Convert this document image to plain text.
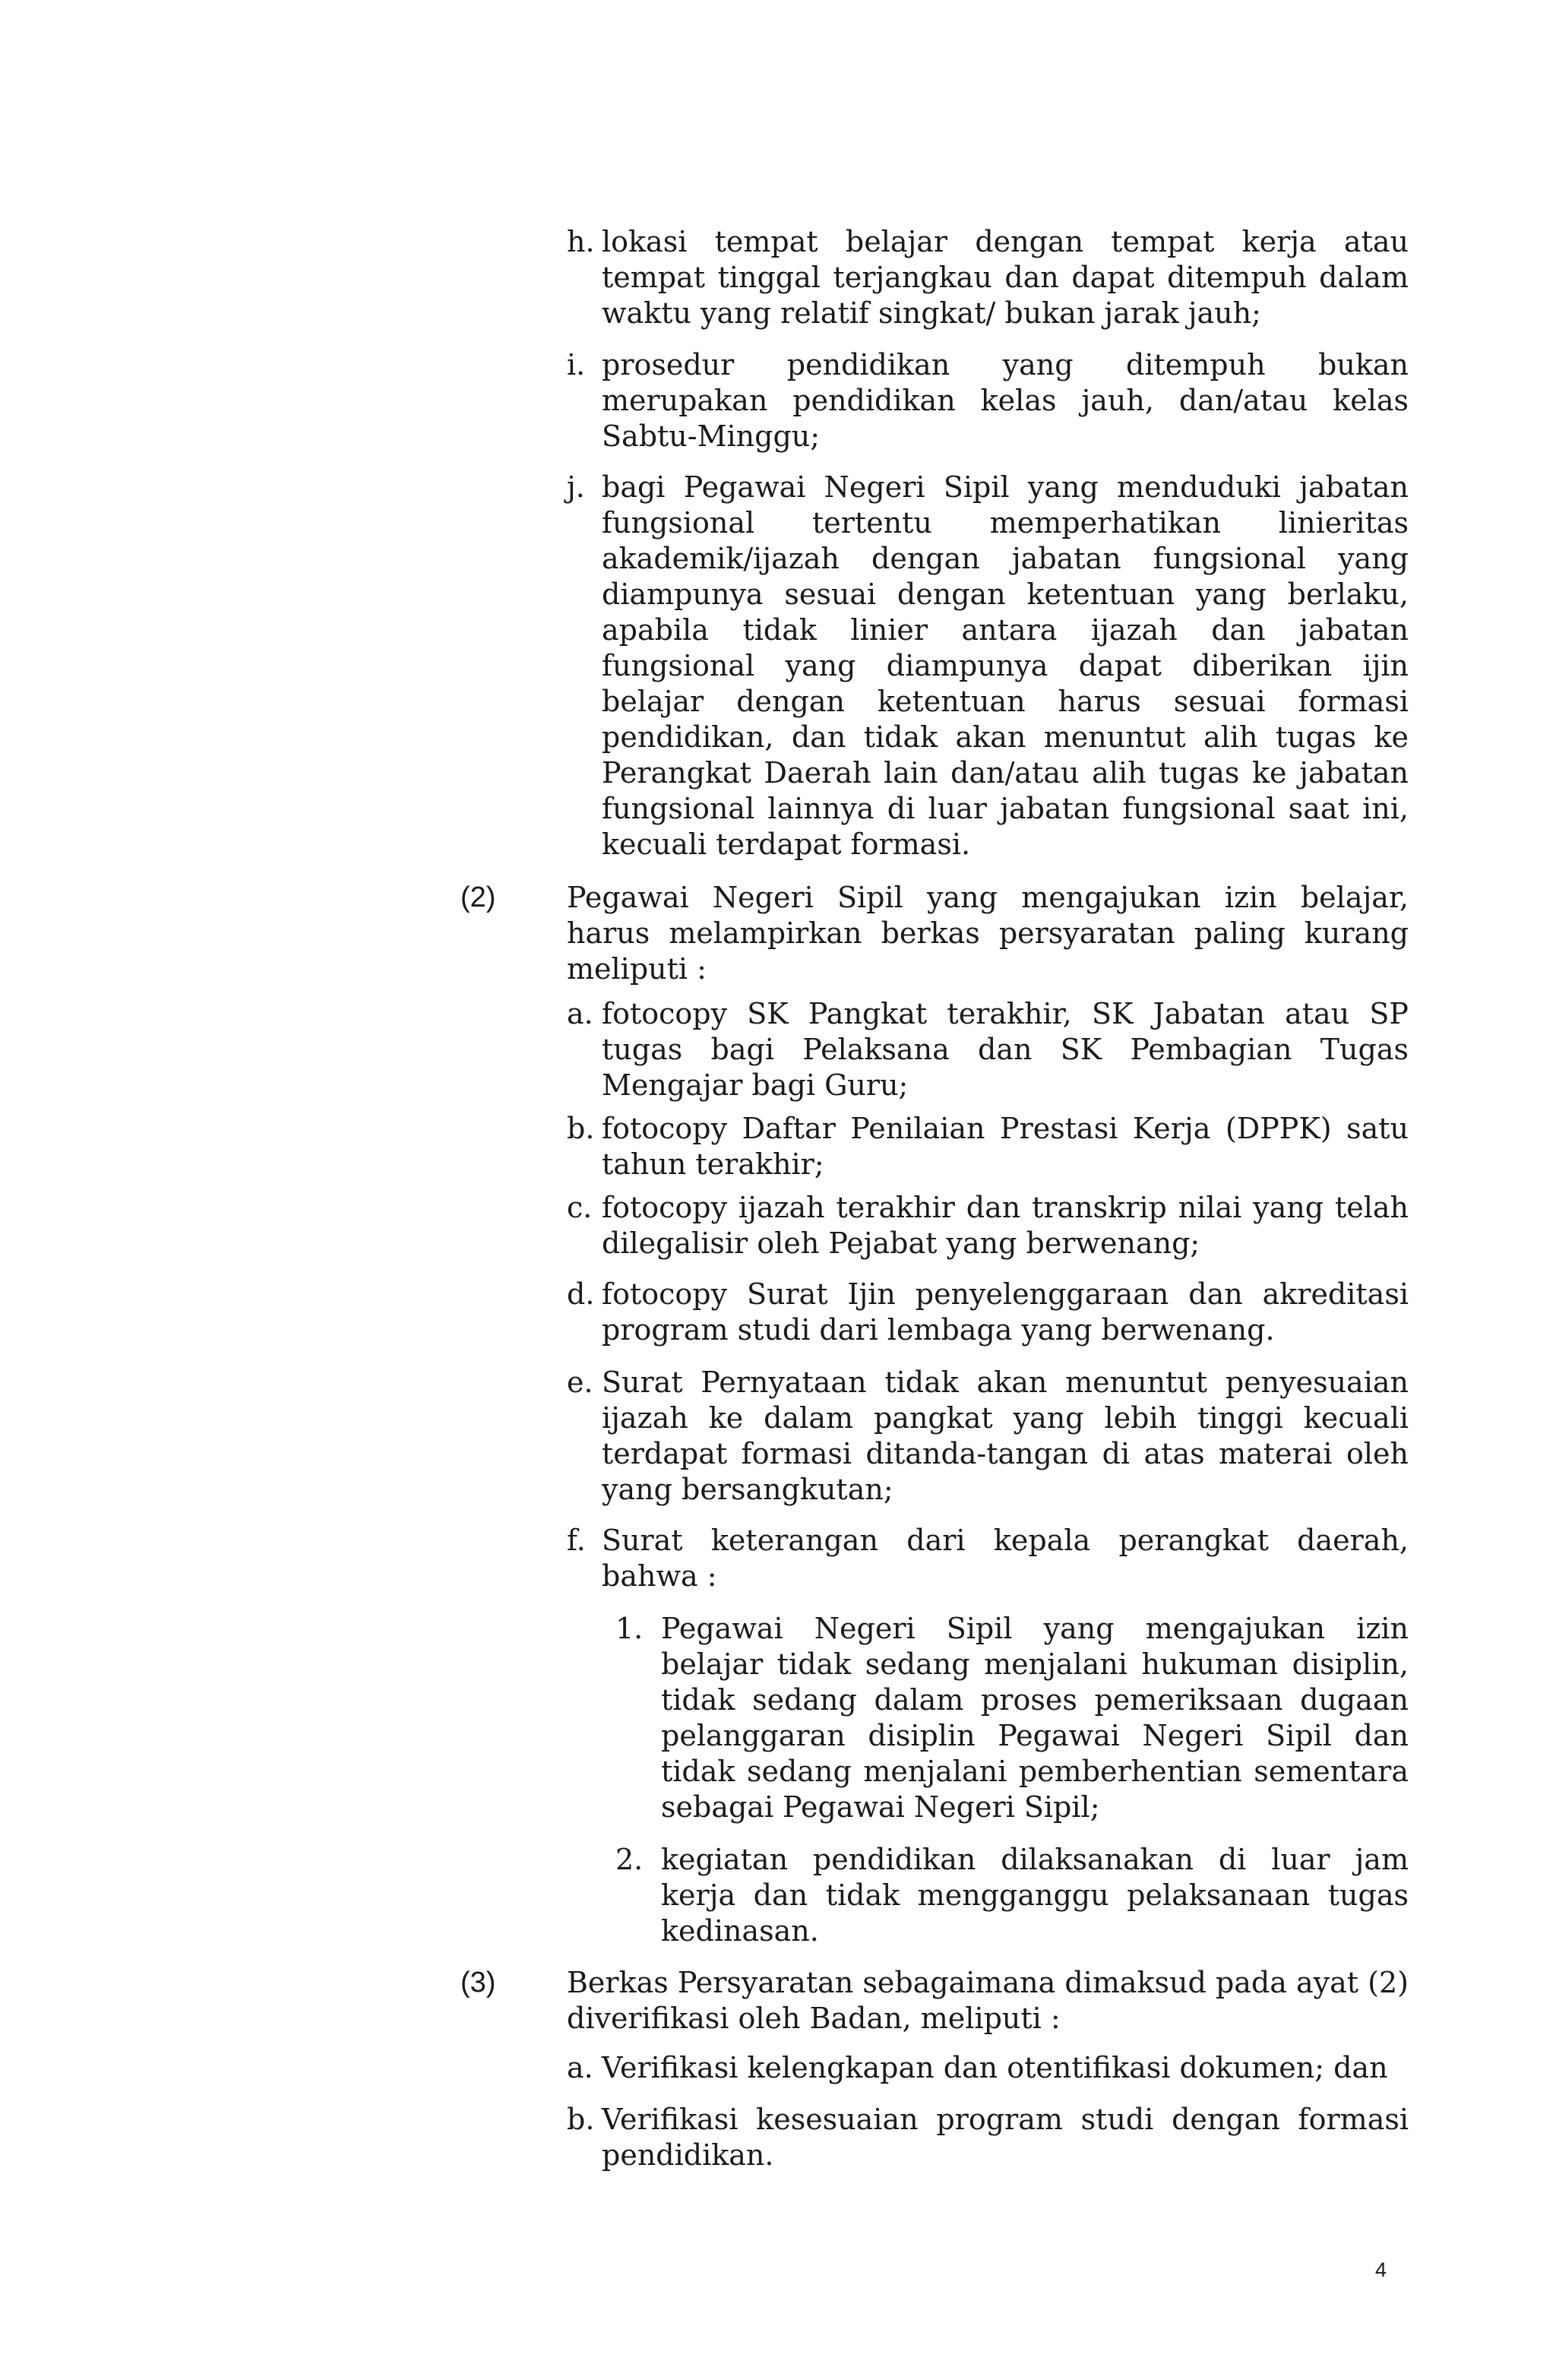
h. lokasi tempat belajar dengan tempat kerja atau tempat tinggal terjangkau dan dapat ditempuh dalam waktu yang relatif singkat/ bukan jarak jauh;
i. prosedur pendidikan yang ditempuh bukan merupakan pendidikan kelas jauh, dan/atau kelas Sabtu-Minggu;
j. bagi Pegawai Negeri Sipil yang menduduki jabatan fungsional tertentu memperhatikan linieritas akademik/ijazah dengan jabatan fungsional yang diampunya sesuai dengan ketentuan yang berlaku, apabila tidak linier antara ijazah dan jabatan fungsional yang diampunya dapat diberikan ijin belajar dengan ketentuan harus sesuai formasi pendidikan, dan tidak akan menuntut alih tugas ke Perangkat Daerah lain dan/atau alih tugas ke jabatan fungsional lainnya di luar jabatan fungsional saat ini, kecuali terdapat formasi.
(2) Pegawai Negeri Sipil yang mengajukan izin belajar, harus melampirkan berkas persyaratan paling kurang meliputi :
a. fotocopy SK Pangkat terakhir, SK Jabatan atau SP tugas bagi Pelaksana dan SK Pembagian Tugas Mengajar bagi Guru;
b. fotocopy Daftar Penilaian Prestasi Kerja (DPPK) satu tahun terakhir;
c. fotocopy ijazah terakhir dan transkrip nilai yang telah dilegalisir oleh Pejabat yang berwenang;
d. fotocopy Surat Ijin penyelenggaraan dan akreditasi program studi dari lembaga yang berwenang.
e. Surat Pernyataan tidak akan menuntut penyesuaian ijazah ke dalam pangkat yang lebih tinggi kecuali terdapat formasi ditanda-tangan di atas materai oleh yang bersangkutan;
f. Surat keterangan dari kepala perangkat daerah, bahwa :
1. Pegawai Negeri Sipil yang mengajukan izin belajar tidak sedang menjalani hukuman disiplin, tidak sedang dalam proses pemeriksaan dugaan pelanggaran disiplin Pegawai Negeri Sipil dan tidak sedang menjalani pemberhentian sementara sebagai Pegawai Negeri Sipil;
2. kegiatan pendidikan dilaksanakan di luar jam kerja dan tidak mengganggu pelaksanaan tugas kedinasan.
(3) Berkas Persyaratan sebagaimana dimaksud pada ayat (2) diverifikasi oleh Badan, meliputi :
a. Verifikasi kelengkapan dan otentifikasi dokumen; dan
b. Verifikasi kesesuaian program studi dengan formasi pendidikan.
4
